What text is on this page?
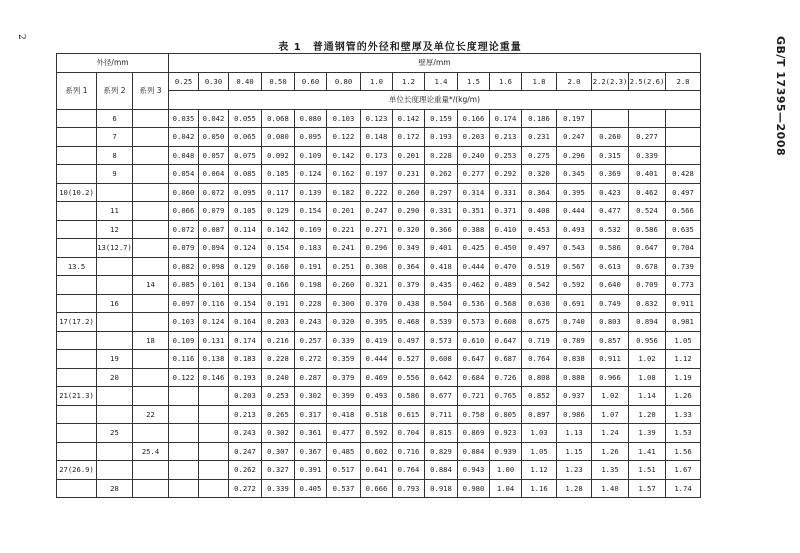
2	GB/T 17395—2008
表 1　普通钢管的外径和壁厚及单位长度理论重量
外径/mm			壁厚/mm															
系列 1	系列 2	系列 3	0.25	0.30	0.40	0.50	0.60	0.80	1.0	1.2	1.4	1.5	1.6	1.8	2.0	2.2(2.3)	2.5(2.6)	2.8
			单位长度理论重量*/(kg/m)															
	6		0.035	0.042	0.055	0.068	0.080	0.103	0.123	0.142	0.159	0.166	0.174	0.186	0.197			
	7		0.042	0.050	0.065	0.080	0.095	0.122	0.148	0.172	0.193	0.203	0.213	0.231	0.247	0.260	0.277	
	8		0.048	0.057	0.075	0.092	0.109	0.142	0.173	0.201	0.228	0.240	0.253	0.275	0.296	0.315	0.339	
	9		0.054	0.064	0.085	0.105	0.124	0.162	0.197	0.231	0.262	0.277	0.292	0.320	0.345	0.369	0.401	0.428
10(10.2)			0.060	0.072	0.095	0.117	0.139	0.182	0.222	0.260	0.297	0.314	0.331	0.364	0.395	0.423	0.462	0.497
	11		0.066	0.079	0.105	0.129	0.154	0.201	0.247	0.290	0.331	0.351	0.371	0.408	0.444	0.477	0.524	0.566
	12		0.072	0.087	0.114	0.142	0.169	0.221	0.271	0.320	0.366	0.388	0.410	0.453	0.493	0.532	0.586	0.635
	13(12.7)		0.079	0.094	0.124	0.154	0.183	0.241	0.296	0.349	0.401	0.425	0.450	0.497	0.543	0.586	0.647	0.704
13.5			0.082	0.098	0.129	0.160	0.191	0.251	0.308	0.364	0.418	0.444	0.470	0.519	0.567	0.613	0.678	0.739
		14	0.085	0.101	0.134	0.166	0.198	0.260	0.321	0.379	0.435	0.462	0.489	0.542	0.592	0.640	0.709	0.773
	16		0.097	0.116	0.154	0.191	0.228	0.300	0.370	0.438	0.504	0.536	0.568	0.630	0.691	0.749	0.832	0.911
17(17.2)			0.103	0.124	0.164	0.203	0.243	0.320	0.395	0.468	0.539	0.573	0.608	0.675	0.740	0.803	0.894	0.981
		18	0.109	0.131	0.174	0.216	0.257	0.339	0.419	0.497	0.573	0.610	0.647	0.719	0.789	0.857	0.956	1.05
	19		0.116	0.138	0.183	0.228	0.272	0.359	0.444	0.527	0.608	0.647	0.687	0.764	0.838	0.911	1.02	1.12
	20		0.122	0.146	0.193	0.240	0.287	0.379	0.469	0.556	0.642	0.684	0.726	0.808	0.888	0.966	1.08	1.19
21(21.3)					0.203	0.253	0.302	0.399	0.493	0.586	0.677	0.721	0.765	0.852	0.937	1.02	1.14	1.26
		22			0.213	0.265	0.317	0.418	0.518	0.615	0.711	0.758	0.805	0.897	0.986	1.07	1.20	1.33
	25				0.243	0.302	0.361	0.477	0.592	0.704	0.815	0.869	0.923	1.03	1.13	1.24	1.39	1.53
		25.4			0.247	0.307	0.367	0.485	0.602	0.716	0.829	0.884	0.939	1.05	1.15	1.26	1.41	1.56
27(26.9)					0.262	0.327	0.391	0.517	0.641	0.764	0.884	0.943	1.00	1.12	1.23	1.35	1.51	1.67
	28				0.272	0.339	0.405	0.537	0.666	0.793	0.918	0.980	1.04	1.16	1.28	1.40	1.57	1.74
